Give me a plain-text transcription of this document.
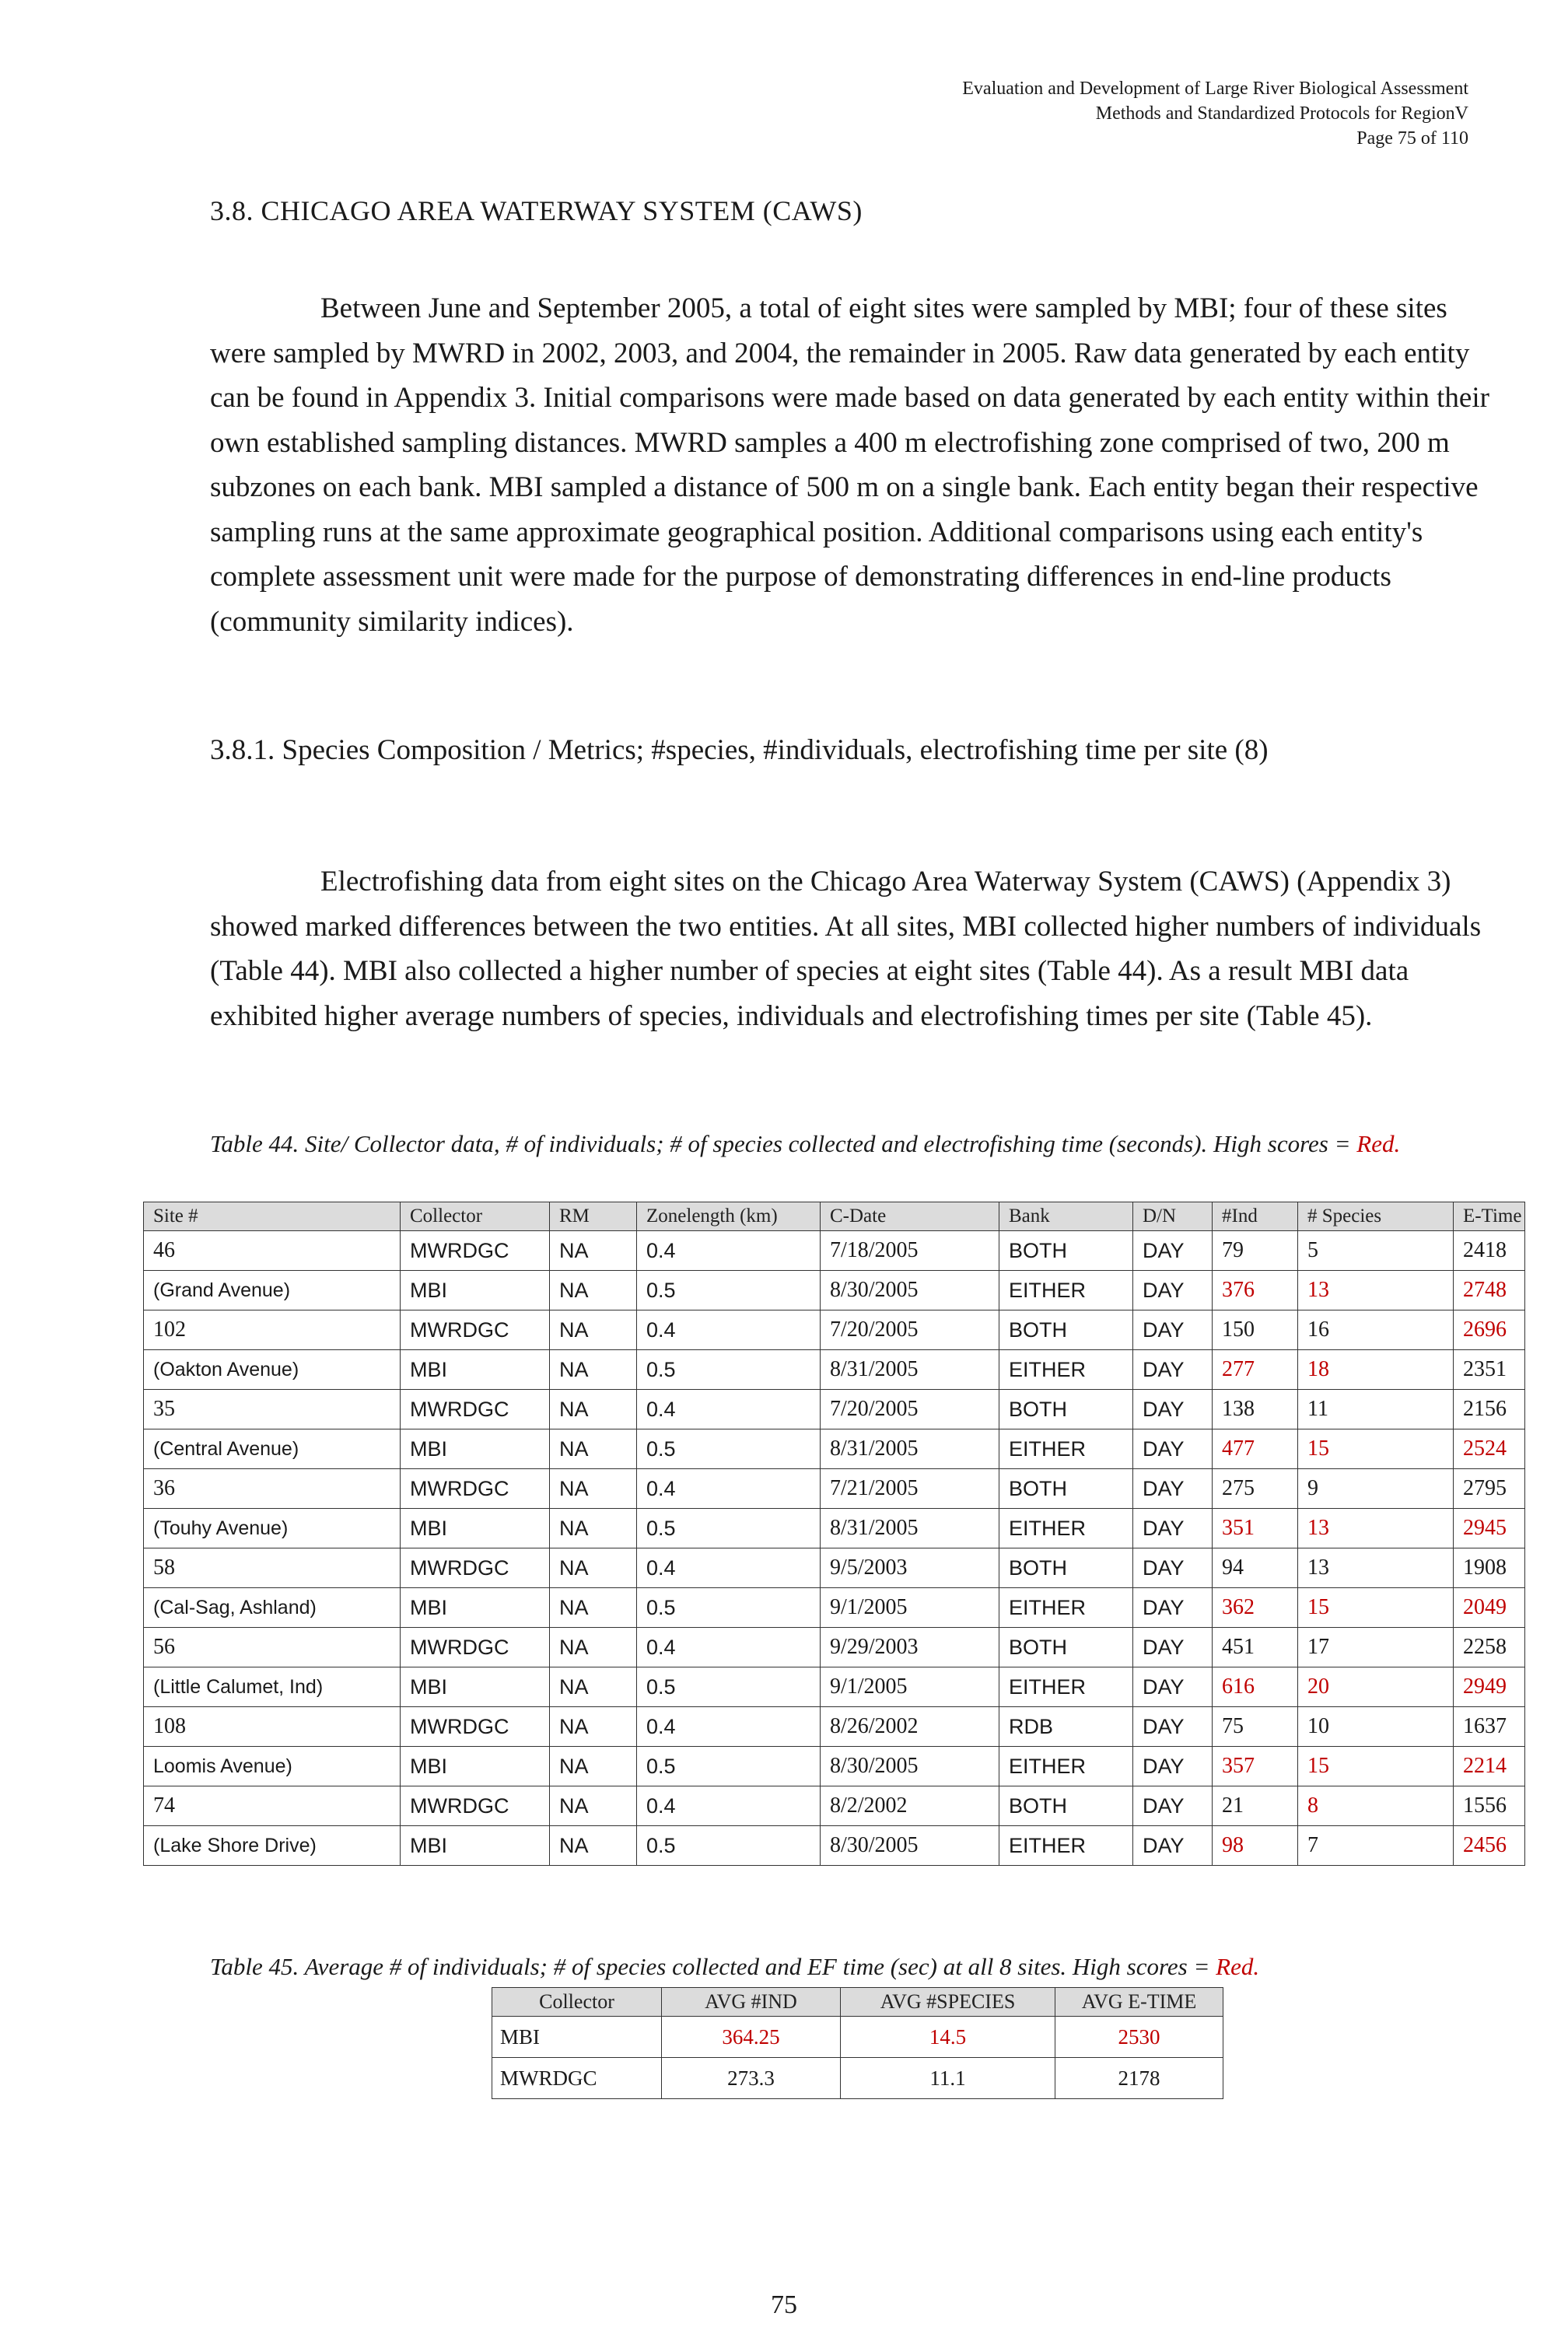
Evaluation and Development of Large River Biological Assessment
Methods and Standardized Protocols for RegionV
Page 75 of 110
3.8. CHICAGO AREA WATERWAY SYSTEM (CAWS)

Between June and September 2005, a total of eight sites were sampled by MBI; four of these sites were sampled by MWRD in 2002, 2003, and 2004, the remainder in 2005. Raw data generated by each entity can be found in Appendix 3. Initial comparisons were made based on data generated by each entity within their own established sampling distances. MWRD samples a 400 m electrofishing zone comprised of two, 200 m subzones on each bank. MBI sampled a distance of 500 m on a single bank. Each entity began their respective sampling runs at the same approximate geographical position. Additional comparisons using each entity's complete assessment unit were made for the purpose of demonstrating differences in end-line products (community similarity indices).

3.8.1. Species Composition / Metrics; #species, #individuals, electrofishing time per site (8)

Electrofishing data from eight sites on the Chicago Area Waterway System (CAWS) (Appendix 3) showed marked differences between the two entities. At all sites, MBI collected higher numbers of individuals (Table 44). MBI also collected a higher number of species at eight sites (Table 44). As a result MBI data exhibited higher average numbers of species, individuals and electrofishing times per site (Table 45).

Table 44. Site/ Collector data, # of individuals; # of species collected and electrofishing time (seconds). High scores = Red.
Site #	Collector	RM	Zonelength (km)	C-Date	Bank	D/N	#Ind	# Species	E-Time
46	MWRDGC	NA	0.4	7/18/2005	BOTH	DAY	79	5	2418
(Grand Avenue)	MBI	NA	0.5	8/30/2005	EITHER	DAY	376	13	2748
102	MWRDGC	NA	0.4	7/20/2005	BOTH	DAY	150	16	2696
(Oakton Avenue)	MBI	NA	0.5	8/31/2005	EITHER	DAY	277	18	2351
35	MWRDGC	NA	0.4	7/20/2005	BOTH	DAY	138	11	2156
(Central Avenue)	MBI	NA	0.5	8/31/2005	EITHER	DAY	477	15	2524
36	MWRDGC	NA	0.4	7/21/2005	BOTH	DAY	275	9	2795
(Touhy Avenue)	MBI	NA	0.5	8/31/2005	EITHER	DAY	351	13	2945
58	MWRDGC	NA	0.4	9/5/2003	BOTH	DAY	94	13	1908
(Cal-Sag, Ashland)	MBI	NA	0.5	9/1/2005	EITHER	DAY	362	15	2049
56	MWRDGC	NA	0.4	9/29/2003	BOTH	DAY	451	17	2258
(Little Calumet, Ind)	MBI	NA	0.5	9/1/2005	EITHER	DAY	616	20	2949
108	MWRDGC	NA	0.4	8/26/2002	RDB	DAY	75	10	1637
Loomis Avenue)	MBI	NA	0.5	8/30/2005	EITHER	DAY	357	15	2214
74	MWRDGC	NA	0.4	8/2/2002	BOTH	DAY	21	8	1556
(Lake Shore Drive)	MBI	NA	0.5	8/30/2005	EITHER	DAY	98	7	2456
Table 45. Average # of individuals; # of species collected and EF time (sec) at all 8 sites. High scores = Red.
Collector	AVG #IND	AVG #SPECIES	AVG E-TIME
MBI	364.25	14.5	2530
MWRDGC	273.3	11.1	2178
75
